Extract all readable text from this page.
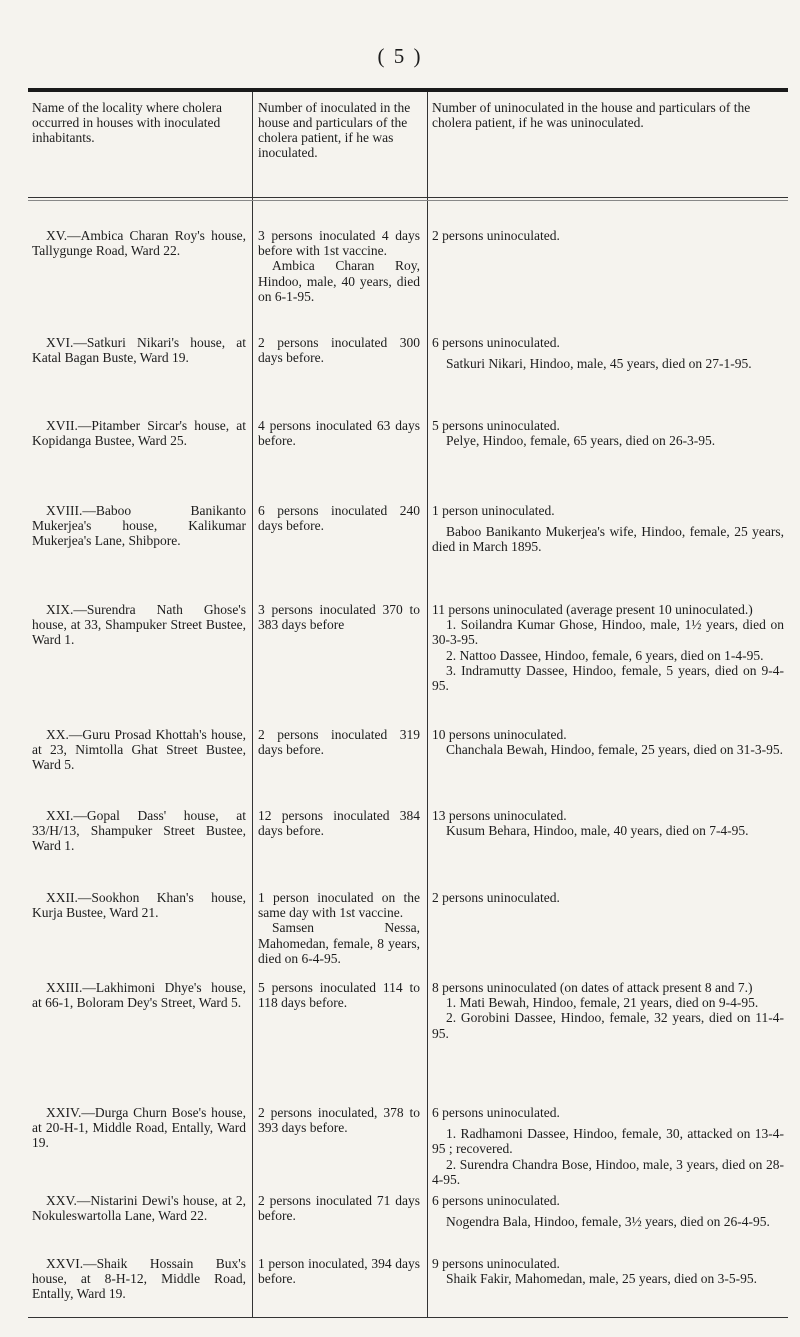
( 5 )
Name of the locality where cholera occurred in houses with inoculated inhabitants.
Number of inoculated in the house and particulars of the cholera patient, if he was inoculated.
Number of uninoculated in the house and particulars of the cholera patient, if he was uninoculated.
XV.—Ambica Charan Roy's house, Tallygunge Road, Ward 22.

3 persons inoculated 4 days before with 1st vaccine.

Ambica Charan Roy, Hindoo, male, 40 years, died on 6-1-95.

2 persons uninoculated.

XVI.—Satkuri Nikari's house, at Katal Bagan Buste, Ward 19.

2 persons inoculated 300 days before.

6 persons uninoculated.

Satkuri Nikari, Hindoo, male, 45 years, died on 27-1-95.

XVII.—Pitamber Sircar's house, at Kopidanga Bustee, Ward 25.

4 persons inoculated 63 days before.

5 persons uninoculated.

Pelye, Hindoo, female, 65 years, died on 26-3-95.

XVIII.—Baboo Banikanto Mukerjea's house, Kalikumar Mukerjea's Lane, Shibpore.

6 persons inoculated 240 days before.

1 person uninoculated.

Baboo Banikanto Mukerjea's wife, Hindoo, female, 25 years, died in March 1895.

XIX.—Surendra Nath Ghose's house, at 33, Shampuker Street Bustee, Ward 1.

3 persons inoculated 370 to 383 days before

11 persons uninoculated (average present 10 uninoculated.)

1. Soilandra Kumar Ghose, Hindoo, male, 1½ years, died on 30-3-95.

2. Nattoo Dassee, Hindoo, female, 6 years, died on 1-4-95.

3. Indramutty Dassee, Hindoo, female, 5 years, died on 9-4-95.

XX.—Guru Prosad Khottah's house, at 23, Nimtolla Ghat Street Bustee, Ward 5.

2 persons inoculated 319 days before.

10 persons uninoculated.

Chanchala Bewah, Hindoo, female, 25 years, died on 31-3-95.

XXI.—Gopal Dass' house, at 33/H/13, Shampuker Street Bustee, Ward 1.

12 persons inoculated 384 days before.

13 persons uninoculated.

Kusum Behara, Hindoo, male, 40 years, died on 7-4-95.

XXII.—Sookhon Khan's house, Kurja Bustee, Ward 21.

1 person inoculated on the same day with 1st vaccine.

Samsen Nessa, Mahomedan, female, 8 years, died on 6-4-95.

2 persons uninoculated.

XXIII.—Lakhimoni Dhye's house, at 66-1, Boloram Dey's Street, Ward 5.

5 persons inoculated 114 to 118 days before.

8 persons uninoculated (on dates of attack present 8 and 7.)

1. Mati Bewah, Hindoo, female, 21 years, died on 9-4-95.

2. Gorobini Dassee, Hindoo, female, 32 years, died on 11-4-95.

XXIV.—Durga Churn Bose's house, at 20-H-1, Middle Road, Entally, Ward 19.

2 persons inoculated, 378 to 393 days before.

6 persons uninoculated.

1. Radhamoni Dassee, Hindoo, female, 30, attacked on 13-4-95 ; recovered.

2. Surendra Chandra Bose, Hindoo, male, 3 years, died on 28-4-95.

XXV.—Nistarini Dewi's house, at 2, Nokuleswartolla Lane, Ward 22.

2 persons inoculated 71 days before.

6 persons uninoculated.

Nogendra Bala, Hindoo, female, 3½ years, died on 26-4-95.

XXVI.—Shaik Hossain Bux's house, at 8-H-12, Middle Road, Entally, Ward 19.

1 person inoculated, 394 days before.

9 persons uninoculated.

Shaik Fakir, Mahomedan, male, 25 years, died on 3-5-95.
